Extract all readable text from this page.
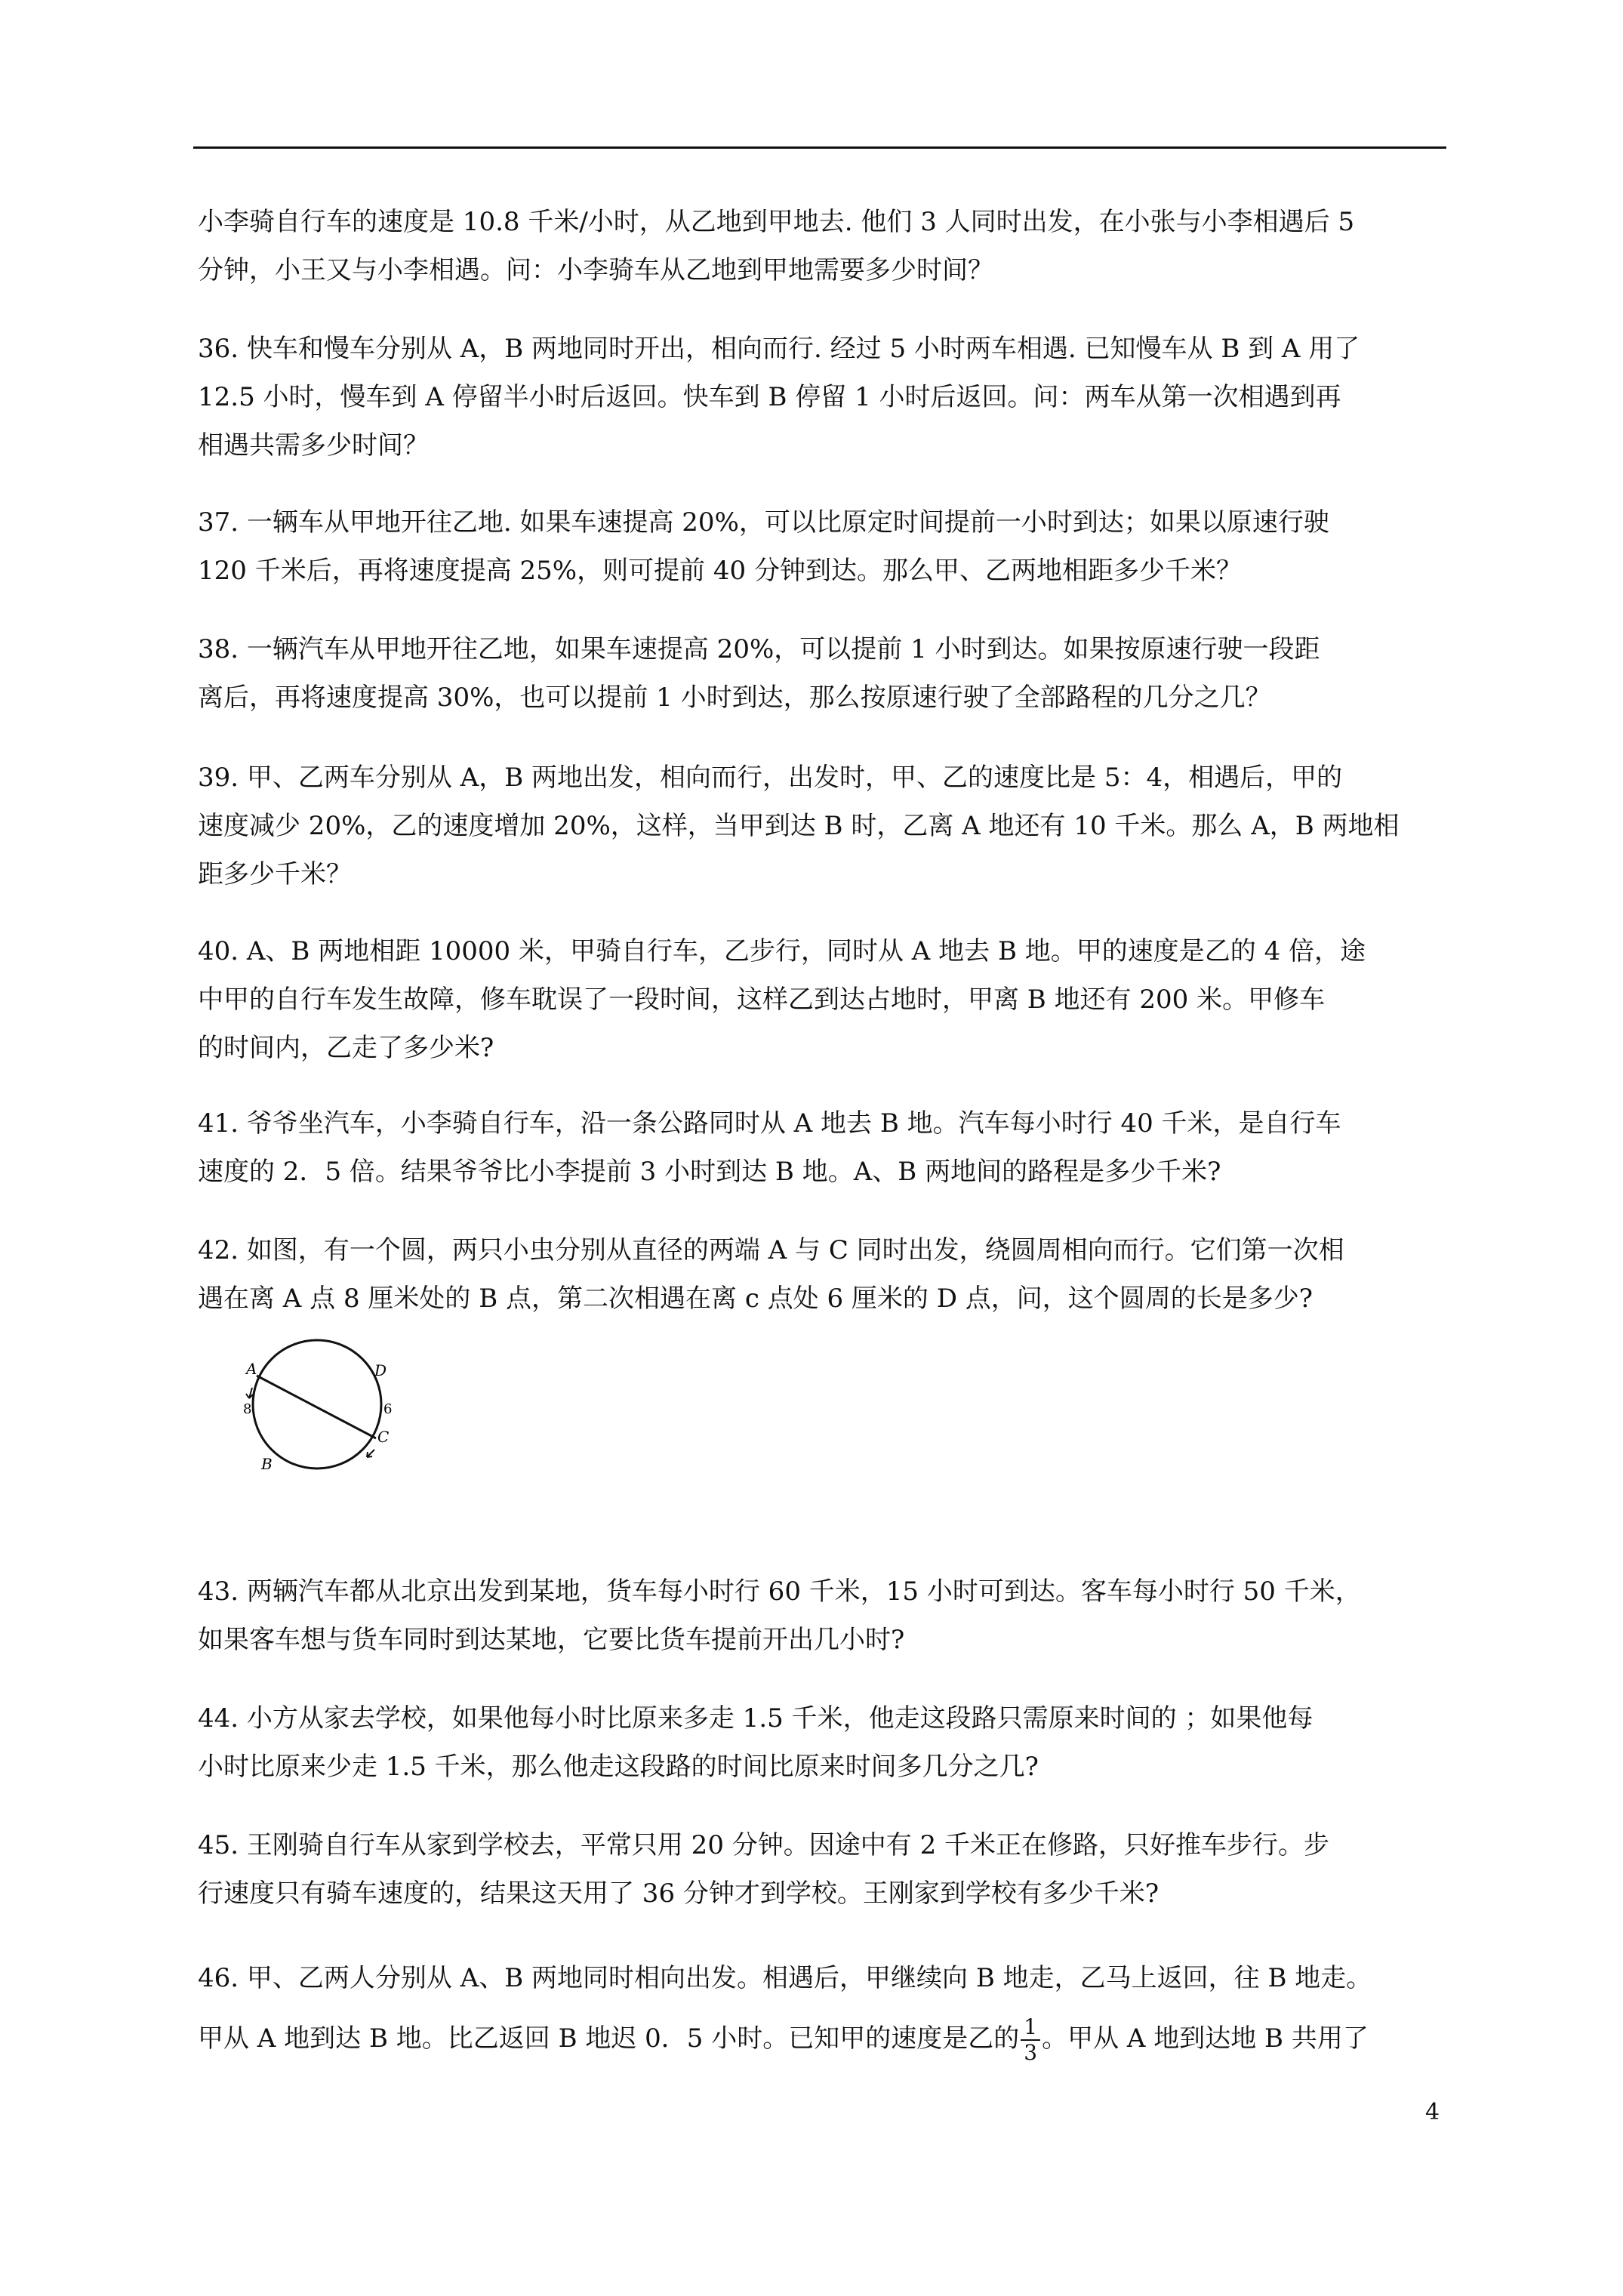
小李骑自行车的速度是 10.8 千米/小时，从乙地到甲地去. 他们 3 人同时出发，在小张与小李相遇后 5
分钟，小王又与小李相遇。问：小李骑车从乙地到甲地需要多少时间？
36. 快车和慢车分别从 A，B 两地同时开出，相向而行. 经过 5 小时两车相遇. 已知慢车从 B 到 A 用了
12.5 小时，慢车到 A 停留半小时后返回。快车到 B 停留 1 小时后返回。问：两车从第一次相遇到再
相遇共需多少时间？
37. 一辆车从甲地开往乙地. 如果车速提高 20%，可以比原定时间提前一小时到达；如果以原速行驶
120 千米后，再将速度提高 25%，则可提前 40 分钟到达。那么甲、乙两地相距多少千米？
38. 一辆汽车从甲地开往乙地，如果车速提高 20%，可以提前 1 小时到达。如果按原速行驶一段距
离后，再将速度提高 30%，也可以提前 1 小时到达，那么按原速行驶了全部路程的几分之几？
39. 甲、乙两车分别从 A，B 两地出发，相向而行，出发时，甲、乙的速度比是 5：4，相遇后，甲的
速度减少 20%，乙的速度增加 20%，这样，当甲到达 B 时，乙离 A 地还有 10 千米。那么 A，B 两地相
距多少千米？
40. A、B 两地相距 10000 米，甲骑自行车，乙步行，同时从 A 地去 B 地。甲的速度是乙的 4 倍，途
中甲的自行车发生故障，修车耽误了一段时间，这样乙到达占地时，甲离 B 地还有 200 米。甲修车
的时间内，乙走了多少米?
41. 爷爷坐汽车，小李骑自行车，沿一条公路同时从 A 地去 B 地。汽车每小时行 40 千米，是自行车
速度的 2．5 倍。结果爷爷比小李提前 3 小时到达 B 地。A、B 两地间的路程是多少千米?
42. 如图，有一个圆，两只小虫分别从直径的两端 A 与 C 同时出发，绕圆周相向而行。它们第一次相
遇在离 A 点 8 厘米处的 B 点，第二次相遇在离 c 点处 6 厘米的 D 点，问，这个圆周的长是多少?
A	D
6
8
C
B
43. 两辆汽车都从北京出发到某地，货车每小时行 60 千米，15 小时可到达。客车每小时行 50 千米，
如果客车想与货车同时到达某地，它要比货车提前开出几小时?
44. 小方从家去学校，如果他每小时比原来多走 1.5 千米，他走这段路只需原来时间的 ；如果他每
小时比原来少走 1.5 千米，那么他走这段路的时间比原来时间多几分之几?
45. 王刚骑自行车从家到学校去，平常只用 20 分钟。因途中有 2 千米正在修路，只好推车步行。步
行速度只有骑车速度的，结果这天用了 36 分钟才到学校。王刚家到学校有多少千米?
46. 甲、乙两人分别从 A、B 两地同时相向出发。相遇后，甲继续向 B 地走，乙马上返回，往 B 地走。
甲从 A 地到达 B 地。比乙返回 B 地迟 0．5 小时。已知甲的速度是乙的 $\frac{1}{3}$ 。甲从 A 地到达地 B 共用了
4
